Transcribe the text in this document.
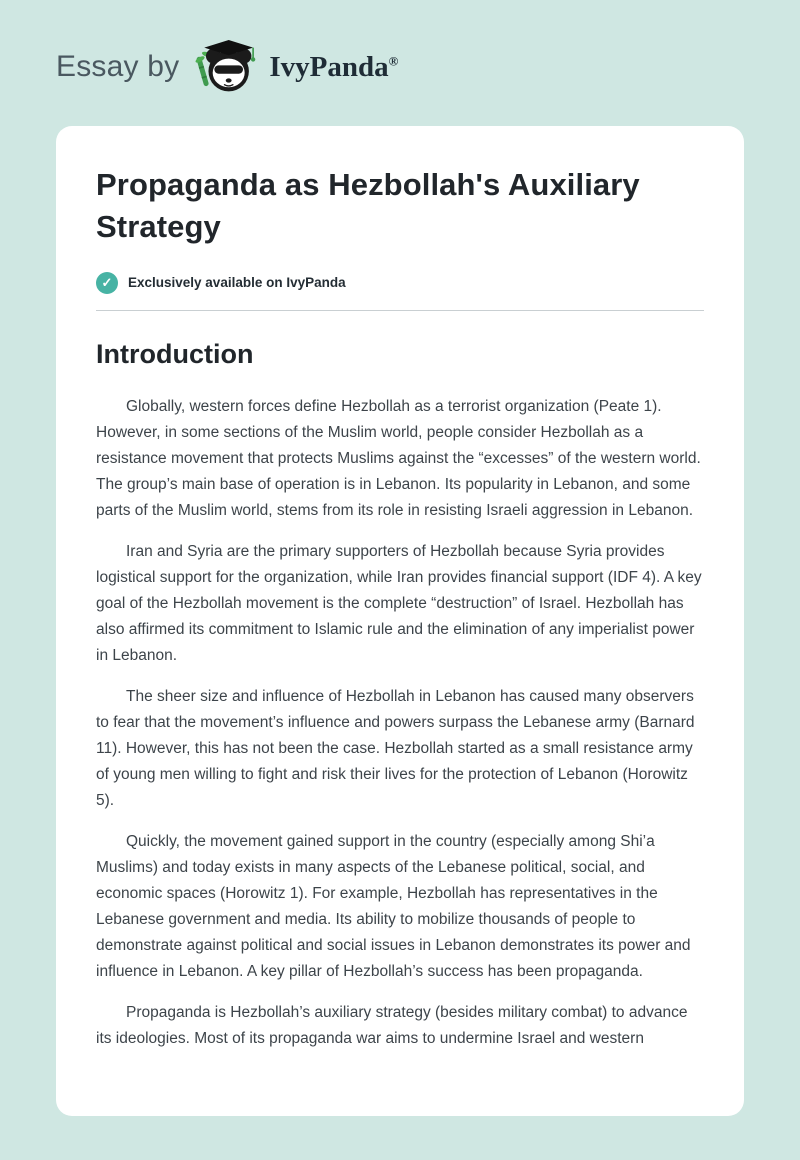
Essay by	IvyPanda®
Propaganda as Hezbollah's Auxiliary Strategy
✓	Exclusively available on IvyPanda
Introduction

Globally, western forces define Hezbollah as a terrorist organization (Peate 1). However, in some sections of the Muslim world, people consider Hezbollah as a resistance movement that protects Muslims against the “excesses” of the western world. The group’s main base of operation is in Lebanon. Its popularity in Lebanon, and some parts of the Muslim world, stems from its role in resisting Israeli aggression in Lebanon.

Iran and Syria are the primary supporters of Hezbollah because Syria provides logistical support for the organization, while Iran provides financial support (IDF 4). A key goal of the Hezbollah movement is the complete “destruction” of Israel. Hezbollah has also affirmed its commitment to Islamic rule and the elimination of any imperialist power in Lebanon.

The sheer size and influence of Hezbollah in Lebanon has caused many observers to fear that the movement’s influence and powers surpass the Lebanese army (Barnard 11). However, this has not been the case. Hezbollah started as a small resistance army of young men willing to fight and risk their lives for the protection of Lebanon (Horowitz 5).

Quickly, the movement gained support in the country (especially among Shi’a Muslims) and today exists in many aspects of the Lebanese political, social, and economic spaces (Horowitz 1). For example, Hezbollah has representatives in the Lebanese government and media. Its ability to mobilize thousands of people to demonstrate against political and social issues in Lebanon demonstrates its power and influence in Lebanon. A key pillar of Hezbollah’s success has been propaganda.

Propaganda is Hezbollah’s auxiliary strategy (besides military combat) to advance its ideologies. Most of its propaganda war aims to undermine Israel and western
